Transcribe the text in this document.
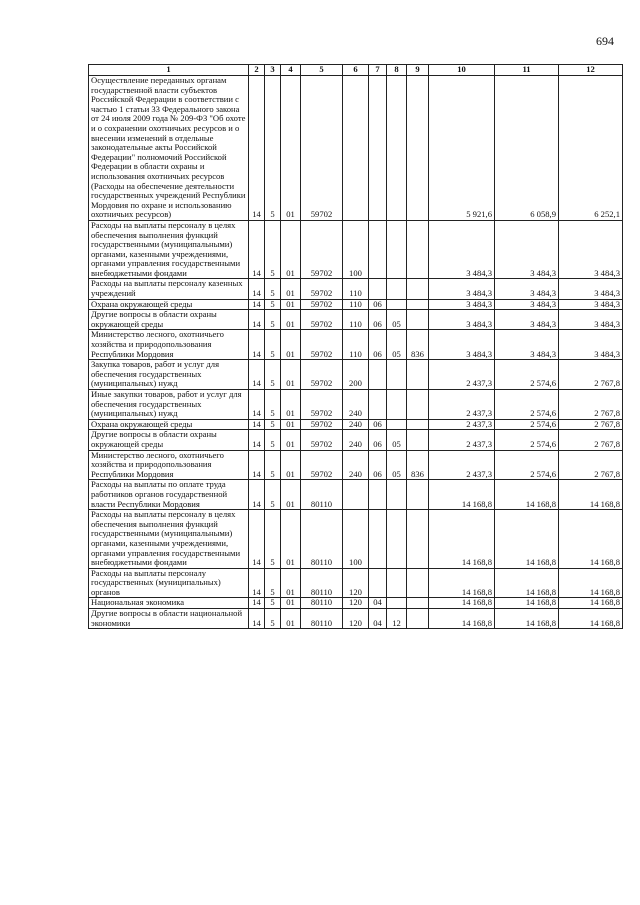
694
1	2	3	4	5	6	7	8	9	10	11	12
Осуществление переданных органам государственной власти субъектов Российской Федерации в соответствии с частью 1 статьи 33 Федерального закона от 24 июля 2009 года № 209-ФЗ "Об охоте и о сохранении охотничьих ресурсов и о внесении изменений в отдельные законодательные акты Российской Федерации" полномочий Российской Федерации в области охраны и использования охотничьих ресурсов (Расходы на обеспечение деятельности государственных учреждений Республики Мордовия по охране и использованию охотничьих ресурсов)	14	5	01	59702					5 921,6	6 058,9	6 252,1
Расходы на выплаты персоналу в целях обеспечения выполнения функций государственными (муниципальными) органами, казенными учреждениями, органами управления государственными внебюджетными фондами	14	5	01	59702	100				3 484,3	3 484,3	3 484,3
Расходы на выплаты персоналу казенных учреждений	14	5	01	59702	110				3 484,3	3 484,3	3 484,3
Охрана окружающей среды	14	5	01	59702	110	06			3 484,3	3 484,3	3 484,3
Другие вопросы в области охраны окружающей среды	14	5	01	59702	110	06	05		3 484,3	3 484,3	3 484,3
Министерство лесного, охотничьего хозяйства и природопользования Республики Мордовия	14	5	01	59702	110	06	05	836	3 484,3	3 484,3	3 484,3
Закупка товаров, работ и услуг для обеспечения государственных (муниципальных) нужд	14	5	01	59702	200				2 437,3	2 574,6	2 767,8
Иные закупки товаров, работ и услуг для обеспечения государственных (муниципальных) нужд	14	5	01	59702	240				2 437,3	2 574,6	2 767,8
Охрана окружающей среды	14	5	01	59702	240	06			2 437,3	2 574,6	2 767,8
Другие вопросы в области охраны окружающей среды	14	5	01	59702	240	06	05		2 437,3	2 574,6	2 767,8
Министерство лесного, охотничьего хозяйства и природопользования Республики Мордовия	14	5	01	59702	240	06	05	836	2 437,3	2 574,6	2 767,8
Расходы на выплаты по оплате труда работников органов государственной власти Республики Мордовия	14	5	01	80110					14 168,8	14 168,8	14 168,8
Расходы на выплаты персоналу в целях обеспечения выполнения функций государственными (муниципальными) органами, казенными учреждениями, органами управления государственными внебюджетными фондами	14	5	01	80110	100				14 168,8	14 168,8	14 168,8
Расходы на выплаты персоналу государственных (муниципальных) органов	14	5	01	80110	120				14 168,8	14 168,8	14 168,8
Национальная экономика	14	5	01	80110	120	04			14 168,8	14 168,8	14 168,8
Другие вопросы в области национальной экономики	14	5	01	80110	120	04	12		14 168,8	14 168,8	14 168,8
